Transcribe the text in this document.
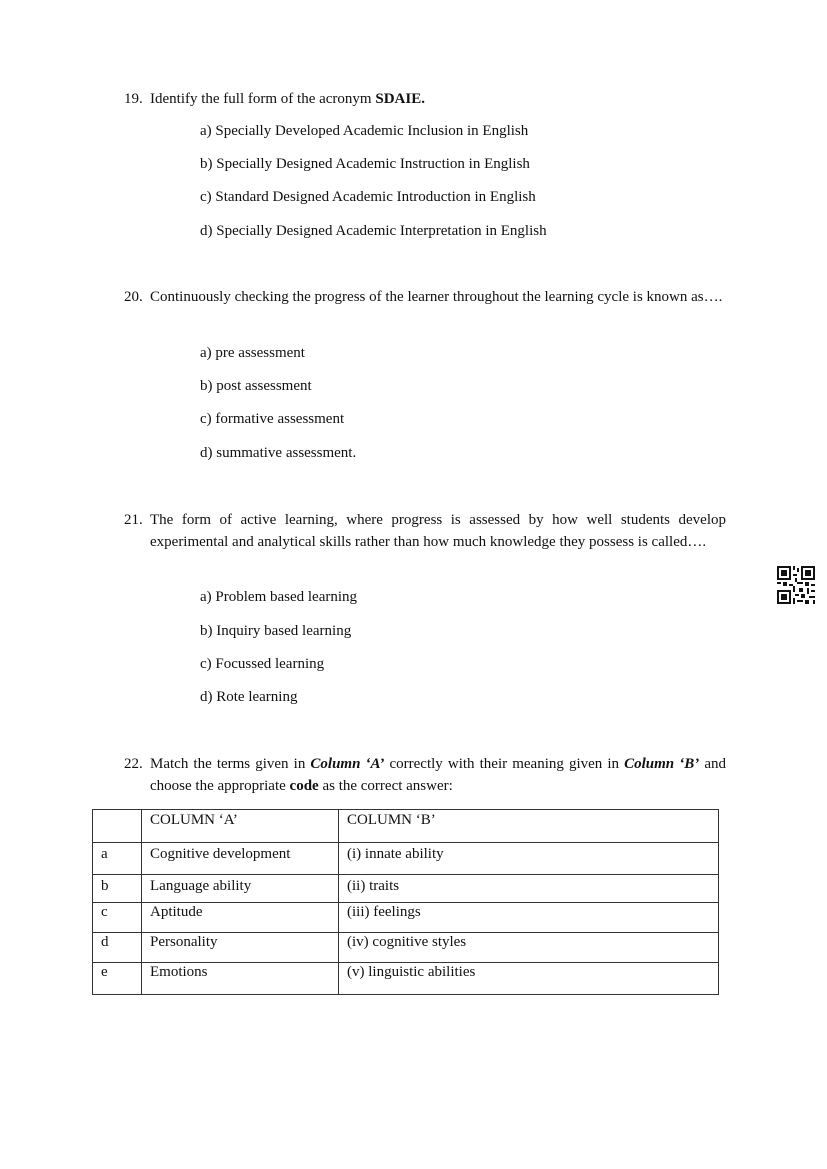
19. Identify the full form of the acronym SDAIE.
a) Specially Developed Academic Inclusion in English
b) Specially Designed Academic Instruction in English
c) Standard Designed Academic Introduction in English
d) Specially Designed Academic Interpretation in English
20. Continuously checking the progress of the learner throughout the learning cycle is known as….
a) pre assessment
b) post assessment
c) formative assessment
d) summative assessment.
21. The form of active learning, where progress is assessed by how well students develop experimental and analytical skills rather than how much knowledge they possess is called….
a) Problem based learning
b) Inquiry based learning
c) Focussed learning
d) Rote learning
22. Match the terms given in Column ‘A’ correctly with their meaning given in Column ‘B’ and choose the appropriate code as the correct answer:
	COLUMN ‘A’	COLUMN ‘B’
a	Cognitive development	(i) innate ability
b	Language ability	(ii) traits
c	Aptitude	(iii) feelings
d	Personality	(iv) cognitive styles
e	Emotions	(v) linguistic abilities
